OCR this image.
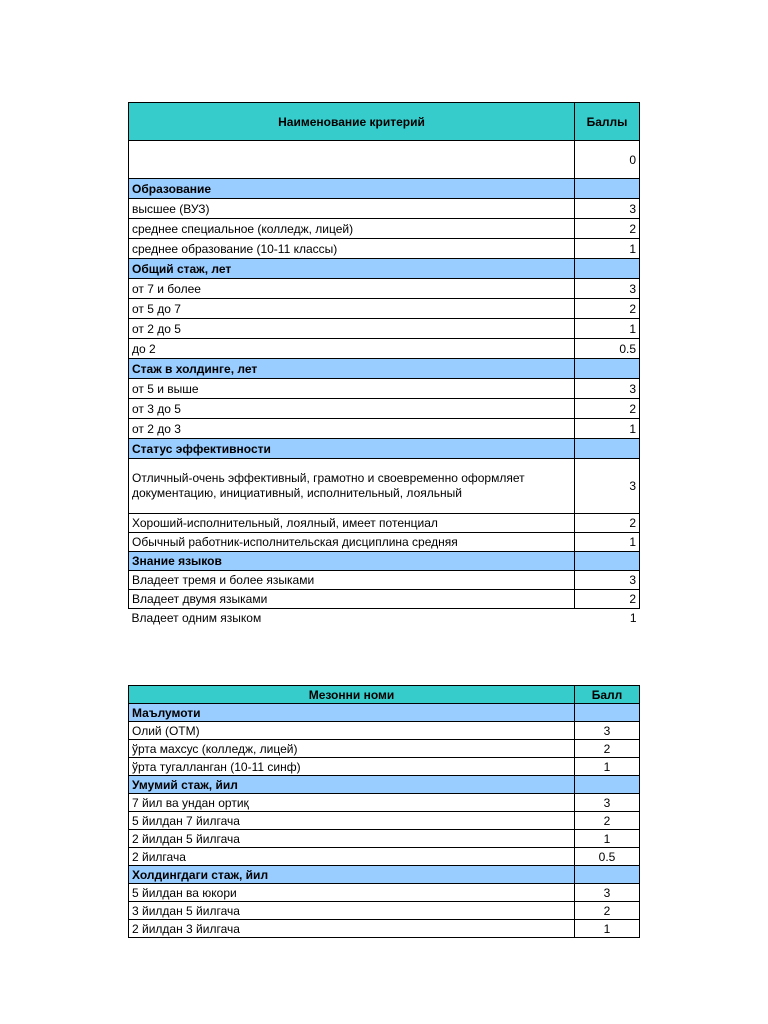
Наименование критерий	Баллы
	0
Образование	
высшее (ВУЗ)	3
среднее специальное (колледж, лицей)	2
среднее образование (10-11 классы)	1
Общий стаж, лет	
от 7 и более	3
от 5 до 7	2
от 2 до 5	1
до 2	0.5
Стаж в холдинге, лет	
от 5 и выше	3
от 3 до 5	2
от 2 до 3	1
Статус эффективности	
Отличный-очень эффективный, грамотно и своевременно оформляет документацию, инициативный, исполнительный, лояльный	3
Хороший-исполнительный, лоялный, имеет потенциал	2
Обычный работник-исполнительская дисциплина средняя	1
Знание языков	
Владеет тремя и более языками	3
Владеет двумя языками	2
Владеет одним языком	1
Мезонни номи	Балл
Маълумоти	
Олий (ОТМ)	3
ўрта махсус (колледж, лицей)	2
ўрта тугалланган (10-11 синф)	1
Умумий стаж, йил	
7 йил ва ундан ортиқ	3
5 йилдан 7 йилгача	2
2 йилдан 5 йилгача	1
2 йилгача	0.5
Холдингдаги стаж, йил	
5 йилдан ва юкори	3
3 йилдан 5 йилгача	2
2 йилдан 3 йилгача	1
